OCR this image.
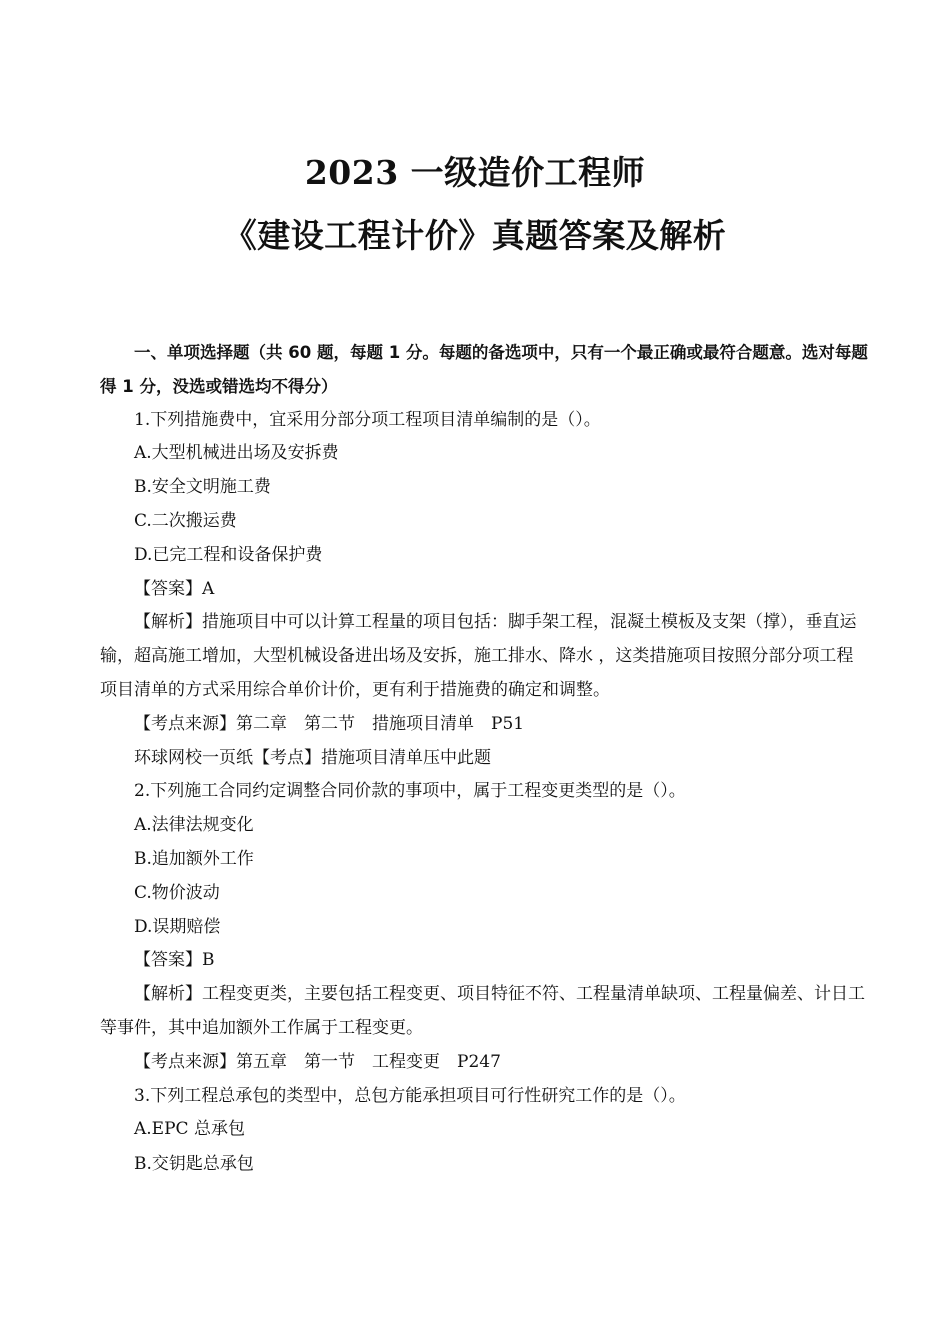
2023 一级造价工程师
《建设工程计价》真题答案及解析

一、单项选择题（共 60 题，每题 1 分。每题的备选项中，只有一个最正确或最符合题意。选对每题得 1 分，没选或错选均不得分）

1.下列措施费中，宜采用分部分项工程项目清单编制的是（）。

A.大型机械进出场及安拆费

B.安全文明施工费

C.二次搬运费

D.已完工程和设备保护费

【答案】A

【解析】措施项目中可以计算工程量的项目包括：脚手架工程，混凝土模板及支架（撑），垂直运输，超高施工增加，大型机械设备进出场及安拆，施工排水、降水 ，这类措施项目按照分部分项工程项目清单的方式采用综合单价计价，更有利于措施费的确定和调整。

【考点来源】第二章　第二节　措施项目清单　P51

环球网校一页纸【考点】措施项目清单压中此题

2.下列施工合同约定调整合同价款的事项中，属于工程变更类型的是（）。

A.法律法规变化

B.追加额外工作

C.物价波动

D.误期赔偿

【答案】B

【解析】工程变更类，主要包括工程变更、项目特征不符、工程量清单缺项、工程量偏差、计日工等事件，其中追加额外工作属于工程变更。

【考点来源】第五章　第一节　工程变更　P247

3.下列工程总承包的类型中，总包方能承担项目可行性研究工作的是（）。

A.EPC 总承包

B.交钥匙总承包
